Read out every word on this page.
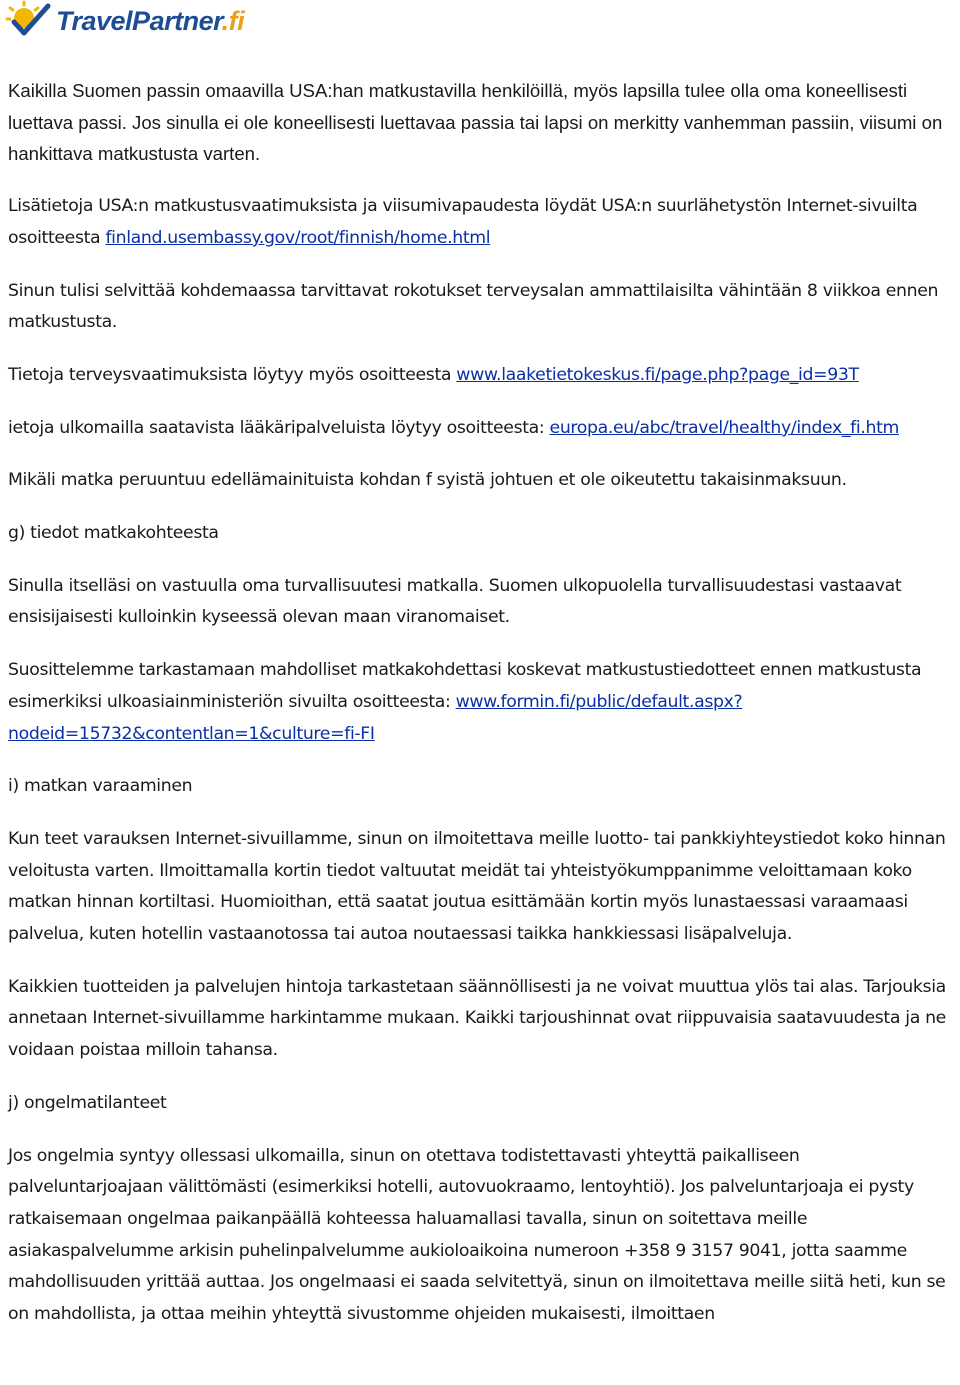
TravelPartner.fi

Kaikilla Suomen passin omaavilla USA:han matkustavilla henkilöillä, myös lapsilla tulee olla oma koneellisesti luettava passi. Jos sinulla ei ole koneellisesti luettavaa passia tai lapsi on merkitty vanhemman passiin, viisumi on hankittava matkustusta varten.

Lisätietoja USA:n matkustusvaatimuksista ja viisumivapaudesta löydät USA:n suurlähetystön Internet-sivuilta osoitteesta finland.usembassy.gov/root/finnish/home.html

Sinun tulisi selvittää kohdemaassa tarvittavat rokotukset terveysalan ammattilaisilta vähintään 8 viikkoa ennen matkustusta.

Tietoja terveysvaatimuksista löytyy myös osoitteesta www.laaketietokeskus.fi/page.php?page_id=93T

ietoja ulkomailla saatavista lääkäripalveluista löytyy osoitteesta: europa.eu/abc/travel/healthy/index_fi.htm

Mikäli matka peruuntuu edellämainituista kohdan f syistä johtuen et ole oikeutettu takaisinmaksuun.

g) tiedot matkakohteesta

Sinulla itselläsi on vastuulla oma turvallisuutesi matkalla. Suomen ulkopuolella turvallisuudestasi vastaavat ensisijaisesti kulloinkin kyseessä olevan maan viranomaiset.

Suosittelemme tarkastamaan mahdolliset matkakohdettasi koskevat matkustustiedotteet ennen matkustusta esimerkiksi ulkoasiainministeriön sivuilta osoitteesta: www.formin.fi/public/default.aspx?nodeid=15732&contentlan=1&culture=fi-FI

i) matkan varaaminen

Kun teet varauksen Internet-sivuillamme, sinun on ilmoitettava meille luotto- tai pankkiyhteystiedot koko hinnan veloitusta varten. Ilmoittamalla kortin tiedot valtuutat meidät tai yhteistyökumppanimme veloittamaan koko matkan hinnan kortiltasi. Huomioithan, että saatat joutua esittämään kortin myös lunastaessasi varaamaasi palvelua, kuten hotellin vastaanotossa tai autoa noutaessasi taikka hankkiessasi lisäpalveluja.

Kaikkien tuotteiden ja palvelujen hintoja tarkastetaan säännöllisesti ja ne voivat muuttua ylös tai alas. Tarjouksia annetaan Internet-sivuillamme harkintamme mukaan. Kaikki tarjoushinnat ovat riippuvaisia saatavuudesta ja ne voidaan poistaa milloin tahansa.

j) ongelmatilanteet

Jos ongelmia syntyy ollessasi ulkomailla, sinun on otettava todistettavasti yhteyttä paikalliseen palveluntarjoajaan välittömästi (esimerkiksi hotelli, autovuokraamo, lentoyhtiö). Jos palveluntarjoaja ei pysty ratkaisemaan ongelmaa paikanpäällä kohteessa haluamallasi tavalla, sinun on soitettava meille asiakaspalvelumme arkisin puhelinpalvelumme aukioloaikoina numeroon +358 9 3157 9041, jotta saamme mahdollisuuden yrittää auttaa. Jos ongelmaasi ei saada selvitettyä, sinun on ilmoitettava meille siitä heti, kun se on mahdollista, ja ottaa meihin yhteyttä sivustomme ohjeiden mukaisesti, ilmoittaen
